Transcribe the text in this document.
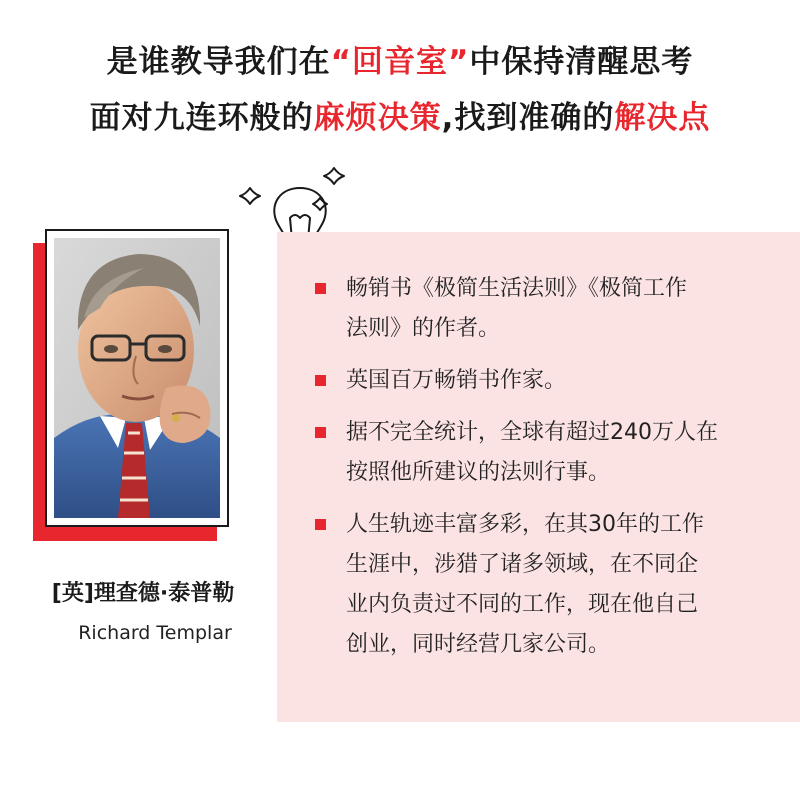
是谁教导我们在“回音室”中保持清醒思考
面对九连环般的麻烦决策,找到准确的解决点
[英]理查德·泰普勒
Richard Templar
畅销书《极简生活法则》《极简工作
法则》的作者。
英国百万畅销书作家。
据不完全统计，全球有超过240万人在
按照他所建议的法则行事。
人生轨迹丰富多彩，在其30年的工作
生涯中，涉猎了诸多领域，在不同企
业内负责过不同的工作，现在他自己
创业，同时经营几家公司。
